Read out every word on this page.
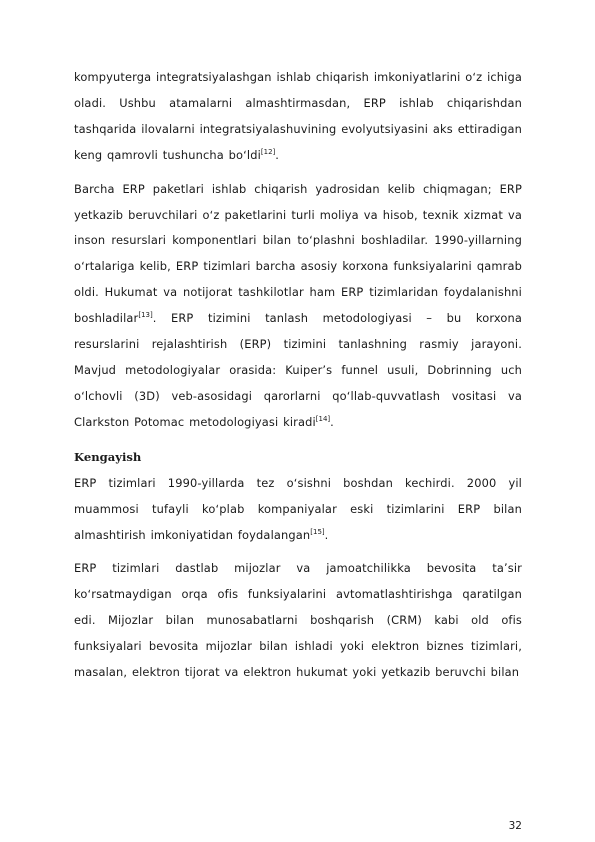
kompyuterga integratsiyalashgan ishlab chiqarish imkoniyatlarini oʻz ichiga oladi. Ushbu atamalarni almashtirmasdan, ERP ishlab chiqarishdan tashqarida ilovalarni integratsiyalashuvining evolyutsiyasini aks ettiradigan keng qamrovli tushuncha boʻldi[12].

Barcha ERP paketlari ishlab chiqarish yadrosidan kelib chiqmagan; ERP yetkazib beruvchilari oʻz paketlarini turli moliya va hisob, texnik xizmat va inson resurslari komponentlari bilan toʻplashni boshladilar. 1990-yillarning oʻrtalariga kelib, ERP tizimlari barcha asosiy korxona funksiyalarini qamrab oldi. Hukumat va notijorat tashkilotlar ham ERP tizimlaridan foydalanishni boshladilar[13]. ERP tizimini tanlash metodologiyasi – bu korxona resurslarini rejalashtirish (ERP) tizimini tanlashning rasmiy jarayoni. Mavjud metodologiyalar orasida: Kuiper’s funnel usuli, Dobrinning uch oʻlchovli (3D) veb-asosidagi qarorlarni qoʻllab-quvvatlash vositasi va Clarkston Potomac metodologiyasi kiradi[14].

Kengayish

ERP tizimlari 1990-yillarda tez oʻsishni boshdan kechirdi. 2000 yil muammosi tufayli koʻplab kompaniyalar eski tizimlarini ERP bilan almashtirish imkoniyatidan foydalangan[15].

ERP tizimlari dastlab mijozlar va jamoatchilikka bevosita taʼsir koʻrsatmaydigan orqa ofis funksiyalarini avtomatlashtirishga qaratilgan edi. Mijozlar bilan munosabatlarni boshqarish (CRM) kabi old ofis funksiyalari bevosita mijozlar bilan ishladi yoki elektron biznes tizimlari, masalan, elektron tijorat va elektron hukumat yoki yetkazib beruvchi bilan

32
